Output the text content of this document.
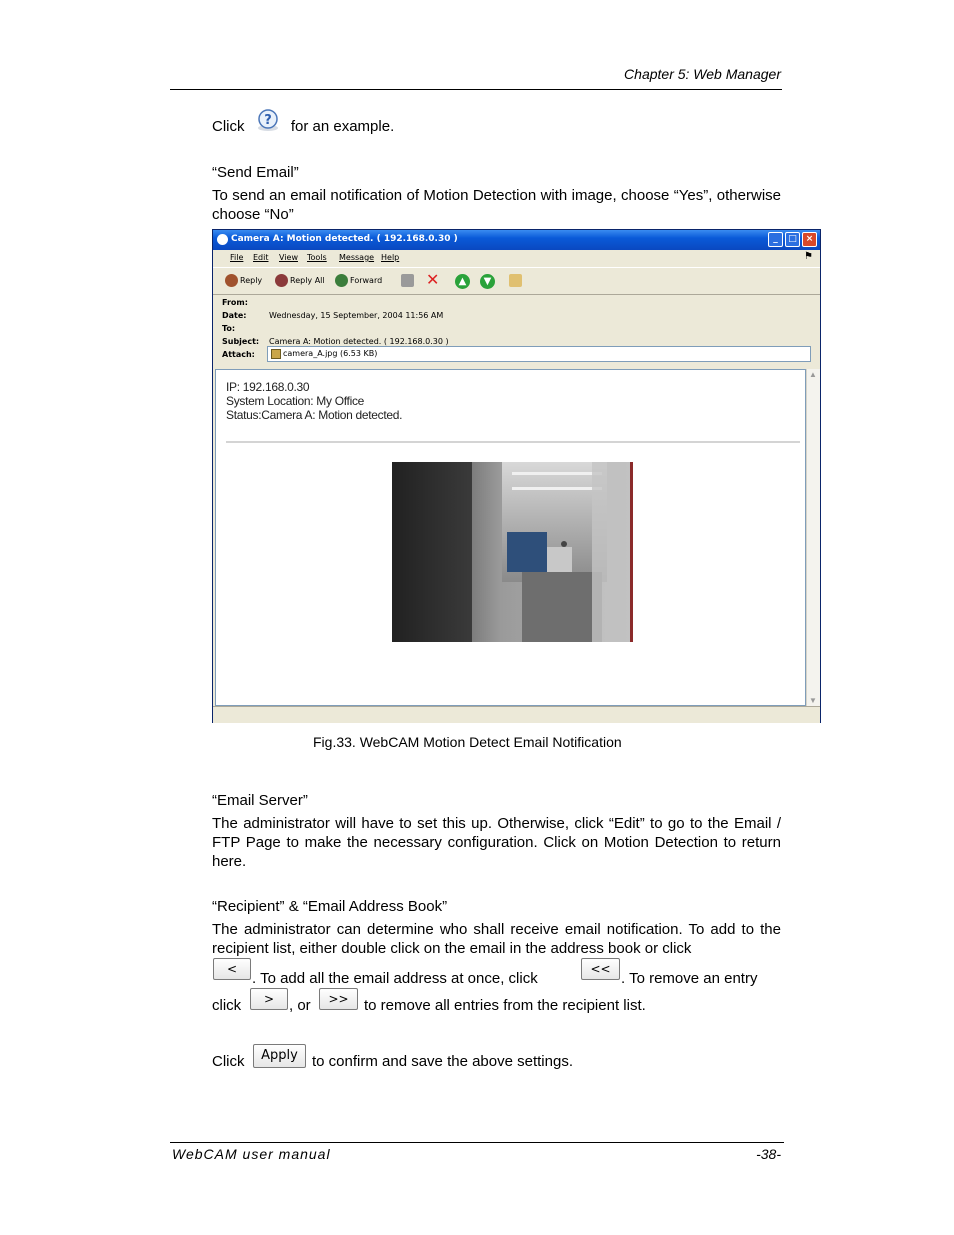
Chapter 5: Web Manager
Click ? for an example.
“Send Email”
To send an email notification of Motion Detection with image, choose “Yes”, otherwise choose “No”
Camera A: Motion detected. ( 192.168.0.30 )	_	□ ×
File Edit View Tools Message Help	⚑
Reply	Reply All	Forward	✕	▲	▼
From:
Date:	Wednesday, 15 September, 2004 11:56 AM
To:
Subject: Camera A: Motion detected. ( 192.168.0.30 )
Attach:	camera_A.jpg (6.53 KB)
IP: 192.168.0.30
System Location: My Office
Status:Camera A: Motion detected.
▲
▼
Fig.33. WebCAM Motion Detect Email Notification
“Email Server”
The administrator will have to set this up. Otherwise, click “Edit” to go to the Email / FTP Page to make the necessary configuration. Click on Motion Detection to return here.
“Recipient” & “Email Address Book”
The administrator can determine who shall receive email notification. To add to the recipient list, either double click on the email in the address book or click
<
. To add all the email address at once, click
<<
. To remove an entry
click	> , or	>>	to remove all entries from the recipient list.
Click	Apply to confirm and save the above settings.
WebCAM user manual	-38-
